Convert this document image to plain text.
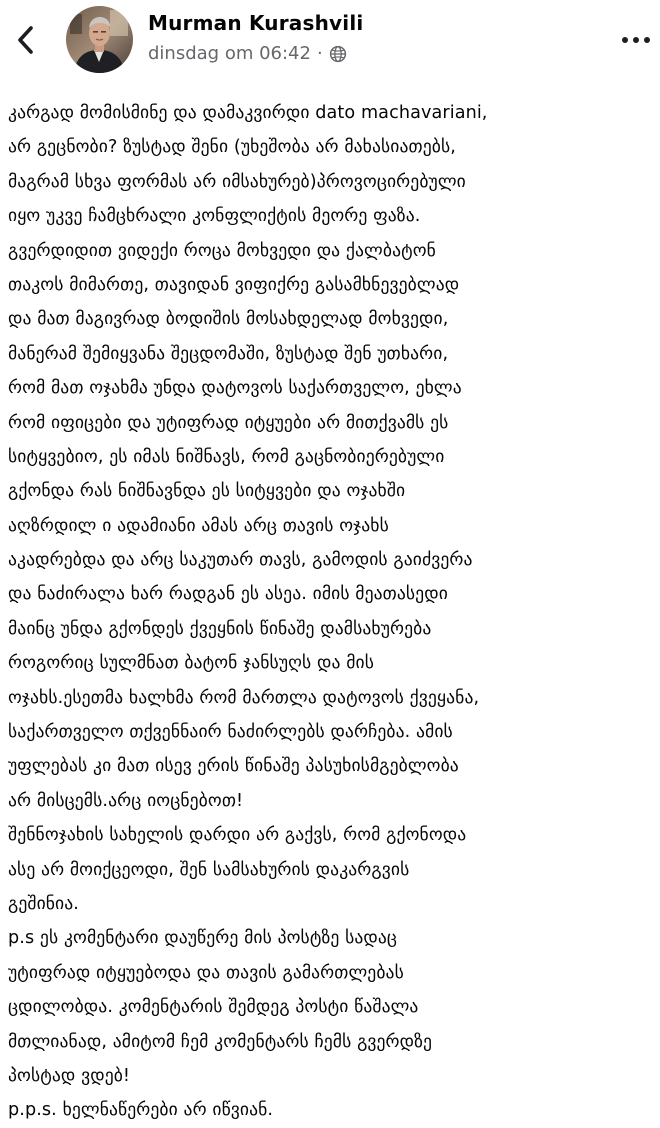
Murman Kurashvili
dinsdag om 06:42 ·
კარგად მომისმინე და დამაკვირდი dato machavariani,
არ გეცნობი? ზუსტად შენი (უხეშობა არ მახასიათებს,
მაგრამ სხვა ფორმას არ იმსახურებ)პროვოცირებული
იყო უკვე ჩამცხრალი კონფლიქტის მეორე ფაზა.
გვერდიდით ვიდექი როცა მოხვედი და ქალბატონ
თაკოს მიმართე, თავიდან ვიფიქრე გასამხნევებლად
და მათ მაგივრად ბოდიშის მოსახდელად მოხვედი,
მანერამ შემიყვანა შეცდომაში, ზუსტად შენ უთხარი,
რომ მათ ოჯახმა უნდა დატოვოს საქართველო, ეხლა
რომ იფიცები და უტიფრად იტყუები არ მითქვამს ეს
სიტყვებიო, ეს იმას ნიშნავს, რომ გაცნობიერებული
გქონდა რას ნიშნავნდა ეს სიტყვები და ოჯახში
აღზრდილ ი ადამიანი ამას არც თავის ოჯახს
აკადრებდა და არც საკუთარ თავს, გამოდის გაიძვერა
და ნაძირალა ხარ რადგან ეს ასეა. იმის მეათასედი
მაინც უნდა გქონდეს ქვეყნის წინაშე დამსახურება
როგორიც სულმნათ ბატონ ჯანსუღს და მის
ოჯახს.ესეთმა ხალხმა რომ მართლა დატოვოს ქვეყანა,
საქართველო თქვენნაირ ნაძირლებს დარჩება. ამის
უფლებას კი მათ ისევ ერის წინაშე პასუხისმგებლობა
არ მისცემს.არც იოცნებოთ!
შენნოჯახის სახელის დარდი არ გაქვს, რომ გქონოდა
ასე არ მოიქცეოდი, შენ სამსახურის დაკარგვის
გეშინია.
p.s ეს კომენტარი დაუწერე მის პოსტზე სადაც
უტიფრად იტყუებოდა და თავის გამართლებას
ცდილობდა. კომენტარის შემდეგ პოსტი წაშალა
მთლიანად, ამიტომ ჩემ კომენტარს ჩემს გვერდზე
პოსტად ვდებ!
p.p.s. ხელნაწერები არ იწვიან.
